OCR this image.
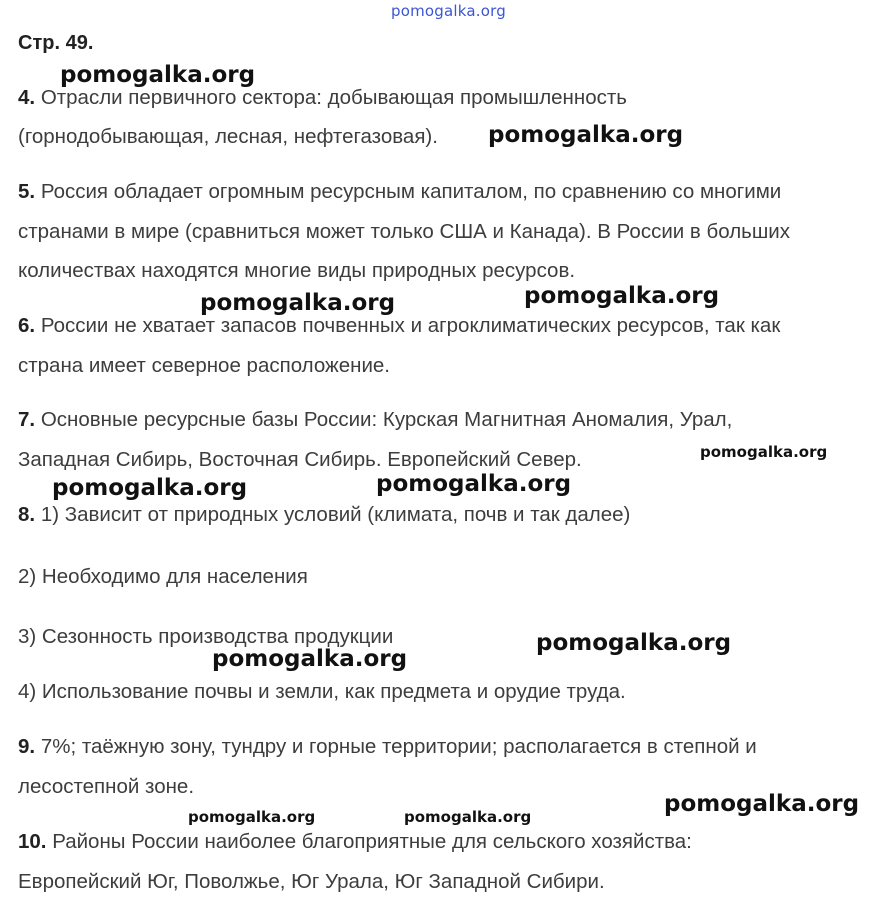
pomogalka.org
Стр. 49.
4. Отрасли первичного сектора: добывающая промышленность
(горнодобывающая, лесная, нефтегазовая).
5. Россия обладает огромным ресурсным капиталом, по сравнению со многими
странами в мире (сравниться может только США и Канада). В России в больших
количествах находятся многие виды природных ресурсов.
6. России не хватает запасов почвенных и агроклиматических ресурсов, так как
страна имеет северное расположение.
7. Основные ресурсные базы России: Курская Магнитная Аномалия, Урал,
Западная Сибирь, Восточная Сибирь. Европейский Север.
8. 1) Зависит от природных условий (климата, почв и так далее)
2) Необходимо для населения
3) Сезонность производства продукции
4) Использование почвы и земли, как предмета и орудие труда.
9. 7%; таёжную зону, тундру и горные территории; располагается в степной и
лесостепной зоне.
10. Районы России наиболее благоприятные для сельского хозяйства:
Европейский Юг, Поволжье, Юг Урала, Юг Западной Сибири.
pomogalka.org
pomogalka.org
pomogalka.org	pomogalka.org
pomogalka.org
pomogalka.org	pomogalka.org
pomogalka.org
pomogalka.org
pomogalka.org	pomogalka.org	pomogalka.org
